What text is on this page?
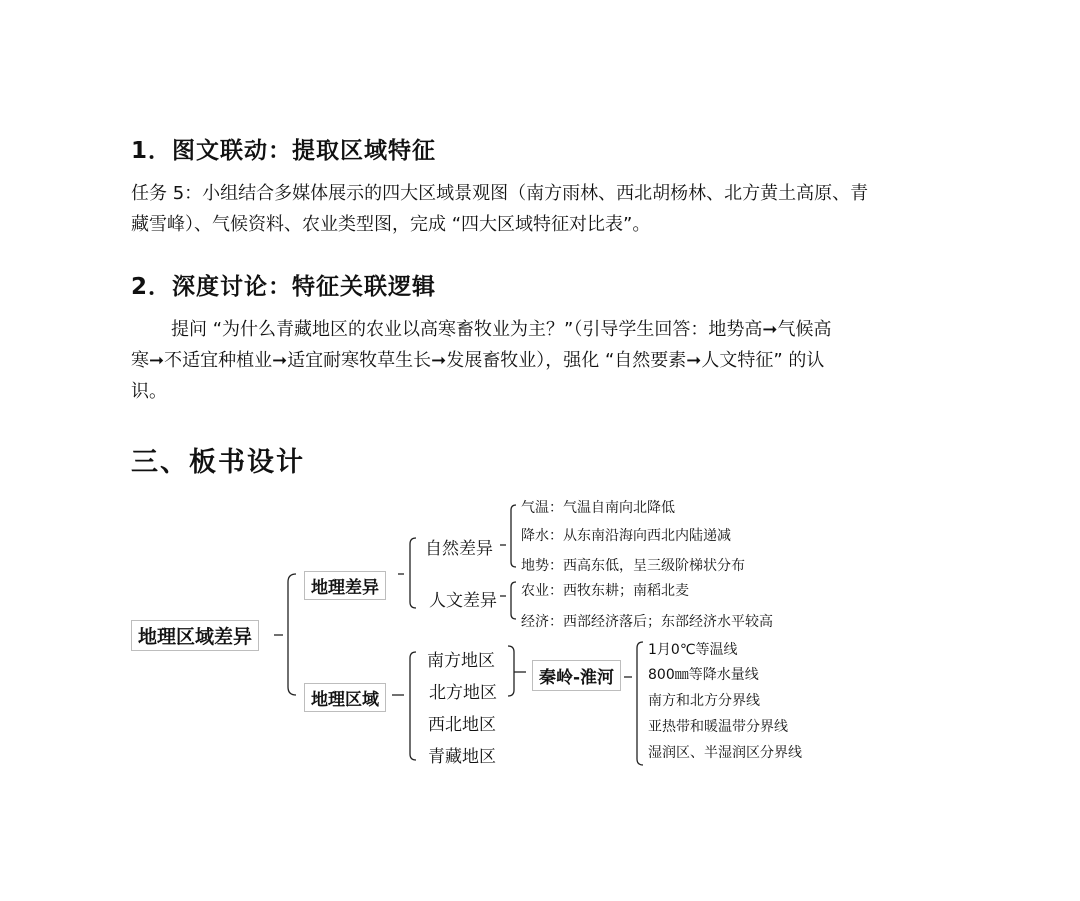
1．图文联动：提取区域特征
任务 5：小组结合多媒体展示的四大区域景观图（南方雨林、西北胡杨林、北方黄土高原、青
藏雪峰）、气候资料、农业类型图，完成 “四大区域特征对比表”。
2．深度讨论：特征关联逻辑
提问 “为什么青藏地区的农业以高寒畜牧业为主？”（引导学生回答：地势高➞气候高
寒➞不适宜种植业➞适宜耐寒牧草生长➞发展畜牧业），强化 “自然要素➞人文特征” 的认
识。
三、板书设计
地理区域差异
地理差异
地理区域
自然差异
人文差异
气温：气温自南向北降低
降水：从东南沿海向西北内陆递减
地势：西高东低，呈三级阶梯状分布
农业：西牧东耕；南稻北麦
经济：西部经济落后；东部经济水平较高
南方地区
北方地区
西北地区
青藏地区
秦岭-淮河
1月0℃等温线
800㎜等降水量线
南方和北方分界线
亚热带和暖温带分界线
湿润区、半湿润区分界线
